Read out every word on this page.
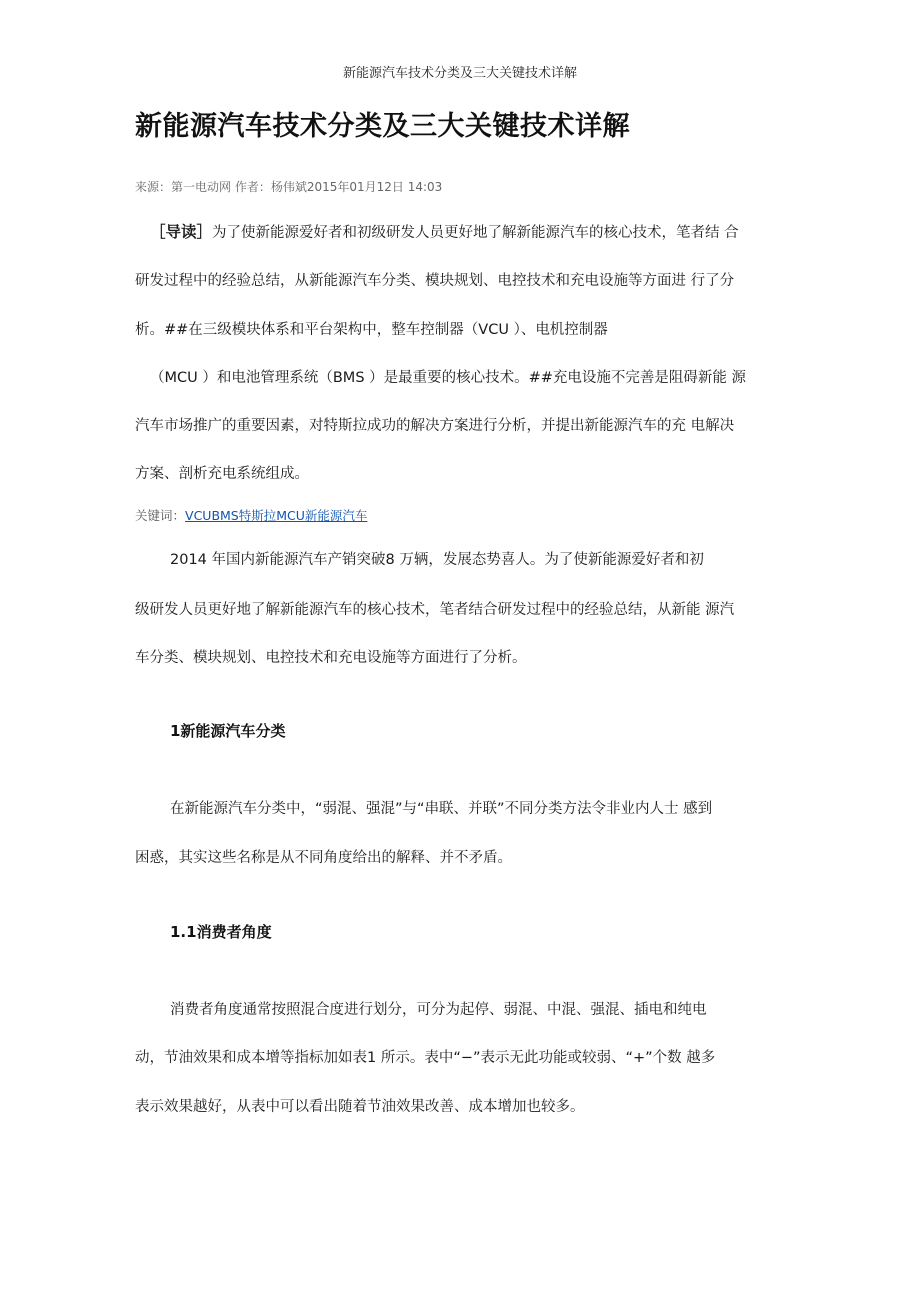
新能源汽车技术分类及三大关键技术详解
新能源汽车技术分类及三大关键技术详解
来源：第一电动网 作者：杨伟斌2015年01月12日 14:03
［导读］为了使新能源爱好者和初级研发人员更好地了解新能源汽车的核心技术，笔者结 合
研发过程中的经验总结，从新能源汽车分类、模块规划、电控技术和充电设施等方面进 行了分
析。##在三级模块体系和平台架构中，整车控制器（VCU ）、电机控制器
（MCU ）和电池管理系统（BMS ）是最重要的核心技术。##充电设施不完善是阻碍新能 源
汽车市场推广的重要因素，对特斯拉成功的解决方案进行分析，并提出新能源汽车的充 电解决
方案、剖析充电系统组成。
关键词：VCUBMS特斯拉MCU新能源汽车
2014 年国内新能源汽车产销突破8 万辆，发展态势喜人。为了使新能源爱好者和初
级研发人员更好地了解新能源汽车的核心技术，笔者结合研发过程中的经验总结，从新能 源汽
车分类、模块规划、电控技术和充电设施等方面进行了分析。
1新能源汽车分类
在新能源汽车分类中，“弱混、强混”与“串联、并联”不同分类方法令非业内人士 感到
困惑，其实这些名称是从不同角度给出的解释、并不矛盾。
1.1消费者角度
消费者角度通常按照混合度进行划分，可分为起停、弱混、中混、强混、插电和纯电
动，节油效果和成本增等指标加如表1 所示。表中“−”表示无此功能或较弱、“+”个数 越多
表示效果越好，从表中可以看出随着节油效果改善、成本增加也较多。
